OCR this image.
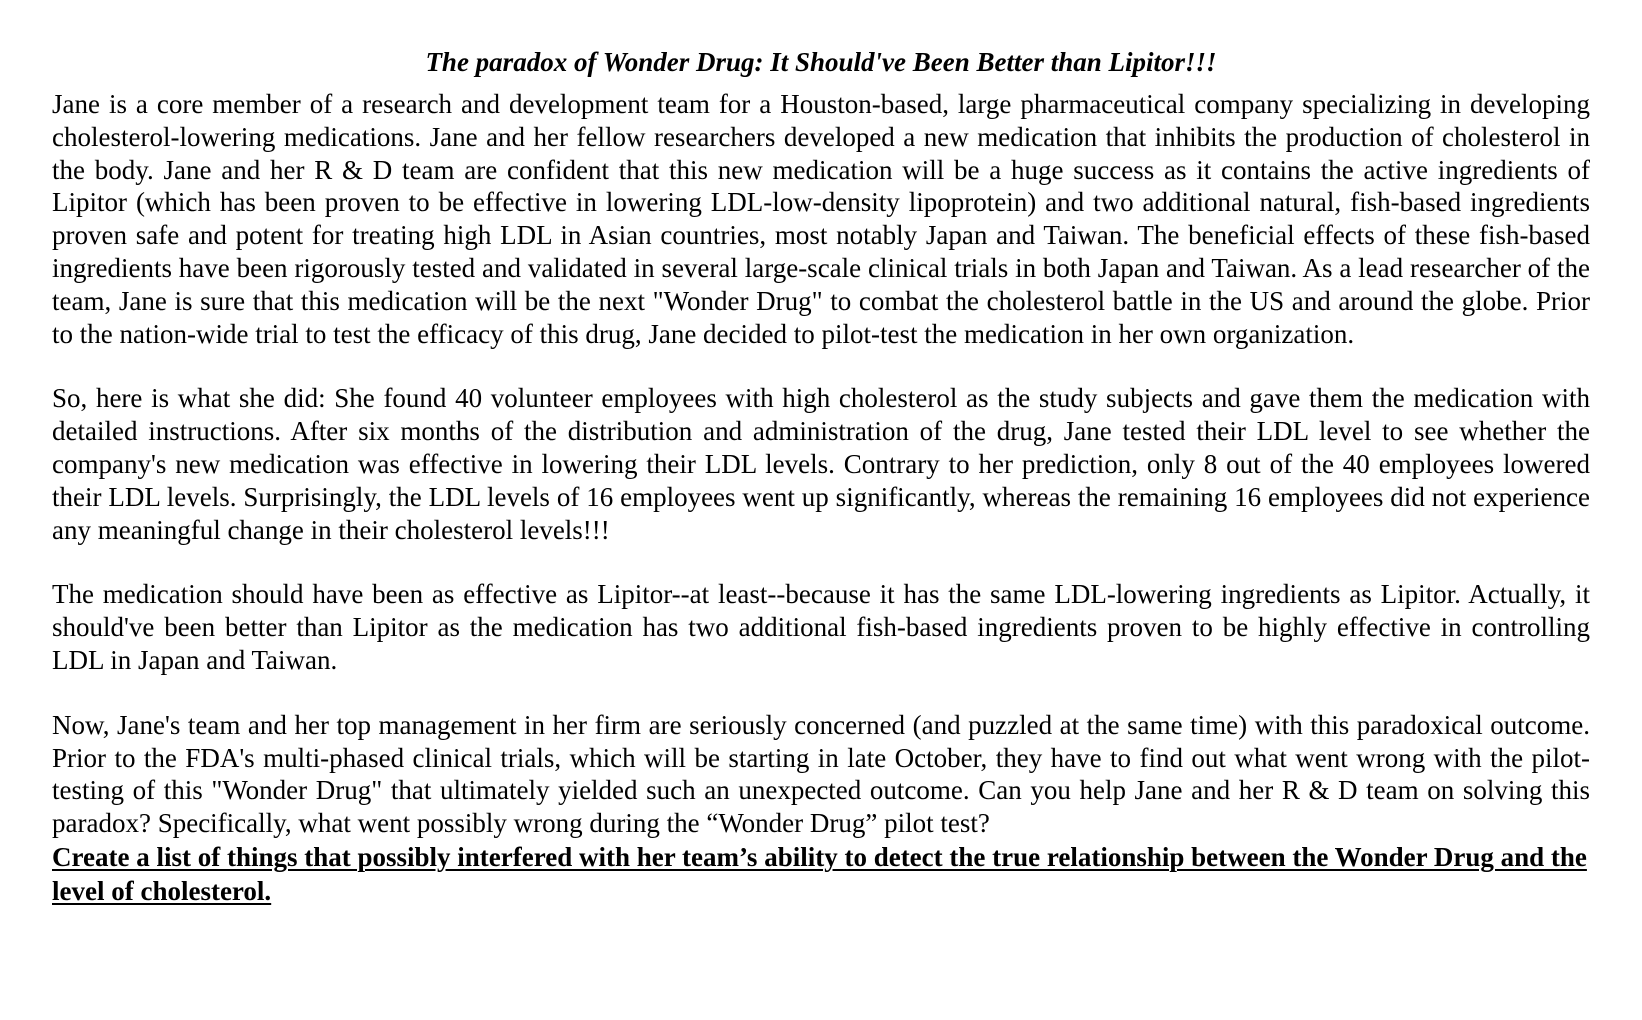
The paradox of Wonder Drug: It Should've Been Better than Lipitor!!!

Jane is a core member of a research and development team for a Houston-based, large pharmaceutical company specializing in developing cholesterol-lowering medications. Jane and her fellow researchers developed a new medication that inhibits the production of cholesterol in the body. Jane and her R & D team are confident that this new medication will be a huge success as it contains the active ingredients of Lipitor (which has been proven to be effective in lowering LDL-low-density lipoprotein) and two additional natural, fish-based ingredients proven safe and potent for treating high LDL in Asian countries, most notably Japan and Taiwan. The beneficial effects of these fish-based ingredients have been rigorously tested and validated in several large-scale clinical trials in both Japan and Taiwan. As a lead researcher of the team, Jane is sure that this medication will be the next "Wonder Drug" to combat the cholesterol battle in the US and around the globe. Prior to the nation-wide trial to test the efficacy of this drug, Jane decided to pilot-test the medication in her own organization.

So, here is what she did: She found 40 volunteer employees with high cholesterol as the study subjects and gave them the medication with detailed instructions. After six months of the distribution and administration of the drug, Jane tested their LDL level to see whether the company's new medication was effective in lowering their LDL levels. Contrary to her prediction, only 8 out of the 40 employees lowered their LDL levels. Surprisingly, the LDL levels of 16 employees went up significantly, whereas the remaining 16 employees did not experience any meaningful change in their cholesterol levels!!!

The medication should have been as effective as Lipitor--at least--because it has the same LDL-lowering ingredients as Lipitor. Actually, it should've been better than Lipitor as the medication has two additional fish-based ingredients proven to be highly effective in controlling LDL in Japan and Taiwan.

Now, Jane's team and her top management in her firm are seriously concerned (and puzzled at the same time) with this paradoxical outcome. Prior to the FDA's multi-phased clinical trials, which will be starting in late October, they have to find out what went wrong with the pilot-testing of this "Wonder Drug" that ultimately yielded such an unexpected outcome. Can you help Jane and her R & D team on solving this paradox? Specifically, what went possibly wrong during the “Wonder Drug” pilot test?

Create a list of things that possibly interfered with her team’s ability to detect the true relationship between the Wonder Drug and the level of cholesterol.
